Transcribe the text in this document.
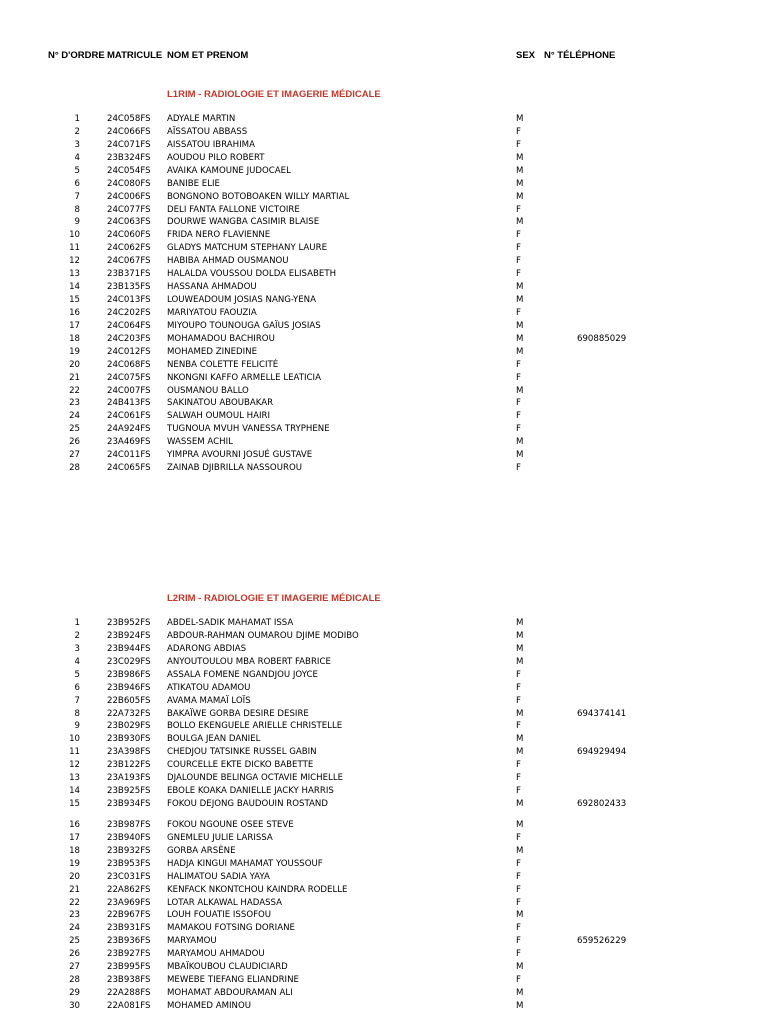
N° D'ORDRE MATRICULE NOM ET PRENOM	SEX N° TÉLÉPHONE
L1RIM - RADIOLOGIE ET IMAGERIE MÉDICALE
1	24C058FS ADYALE MARTIN	M
2	24C066FS AÏSSATOU ABBASS	F
3	24C071FS AISSATOU IBRAHIMA	F
4	23B324FS AOUDOU PILO ROBERT	M
5	24C054FS AVAIKA KAMOUNE JUDOCAEL	M
6	24C080FS BANIBE ELIE	M
7	24C006FS BONGNONO BOTOBOAKEN WILLY MARTIAL	M
8	24C077FS DELI FANTA FALLONE VICTOIRE	F
9	24C063FS DOURWE WANGBA CASIMIR BLAISE	M
10	24C060FS FRIDA NERO FLAVIENNE	F
11	24C062FS GLADYS MATCHUM STEPHANY LAURE	F
12	24C067FS HABIBA AHMAD OUSMANOU	F
13	23B371FS HALALDA VOUSSOU DOLDA ELISABETH	F
14	23B135FS HASSANA AHMADOU	M
15	24C013FS LOUWEADOUM JOSIAS NANG-YENA	M
16	24C202FS MARIYATOU FAOUZIA	F
17	24C064FS MIYOUPO TOUNOUGA GAÏUS JOSIAS	M
18	24C203FS MOHAMADOU BACHIROU	M	690885029
19	24C012FS MOHAMED ZINEDINE	M
20	24C068FS NENBA COLETTE FELICITÉ	F
21	24C075FS NKONGNI KAFFO ARMELLE LEATICIA	F
22	24C007FS OUSMANOU BALLO	M
23	24B413FS SAKINATOU ABOUBAKAR	F
24	24C061FS SALWAH OUMOUL HAIRI	F
25	24A924FS TUGNOUA MVUH VANESSA TRYPHENE	F
26	23A469FS WASSEM ACHIL	M
27	24C011FS YIMPRA AVOURNI JOSUÉ GUSTAVE	M
28	24C065FS ZAINAB DJIBRILLA NASSOUROU	F
L2RIM - RADIOLOGIE ET IMAGERIE MÉDICALE
1	23B952FS ABDEL-SADIK MAHAMAT ISSA	M
2	23B924FS ABDOUR-RAHMAN OUMAROU DJIME MODIBO	M
3	23B944FS ADARONG ABDIAS	M
4	23C029FS ANYOUTOULOU MBA ROBERT FABRICE	M
5	23B986FS ASSALA FOMENE NGANDJOU JOYCE	F
6	23B946FS ATIKATOU ADAMOU	F
7	22B605FS AVAMA MAMAÏ LOÏS	F
8	22A732FS BAKAÏWE GORBA DESIRE DESIRE	M	694374141
9	23B029FS BOLLO EKENGUELE ARIELLE CHRISTELLE	F
10	23B930FS BOULGA JEAN DANIEL	M
11	23A398FS CHEDJOU TATSINKE RUSSEL GABIN	M	694929494
12	23B122FS COURCELLE EKTE DICKO BABETTE	F
13	23A193FS DJALOUNDE BELINGA OCTAVIE MICHELLE	F
14	23B925FS EBOLE KOAKA DANIELLE JACKY HARRIS	F
15	23B934FS FOKOU DEJONG BAUDOUIN ROSTAND	M	692802433
16	23B987FS FOKOU NGOUNE OSEE STEVE	M
17	23B940FS GNEMLEU JULIE LARISSA	F
18	23B932FS GORBA ARSÈNE	M
19	23B953FS HADJA KINGUI MAHAMAT YOUSSOUF	F
20	23C031FS HALIMATOU SADIA YAYA	F
21	22A862FS KENFACK NKONTCHOU KAINDRA RODELLE	F
22	23A969FS LOTAR ALKAWAL HADASSA	F
23	22B967FS LOUH FOUATIE ISSOFOU	M
24	23B931FS MAMAKOU FOTSING DORIANE	F
25	23B936FS MARYAMOU	F	659526229
26	23B927FS MARYAMOU AHMADOU	F
27	23B995FS MBAÏKOUBOU CLAUDICIARD	M
28	23B938FS MEWEBE TIEFANG ELIANDRINE	F
29	22A288FS MOHAMAT ABDOURAMAN ALI	M
30	22A081FS MOHAMED AMINOU	M
